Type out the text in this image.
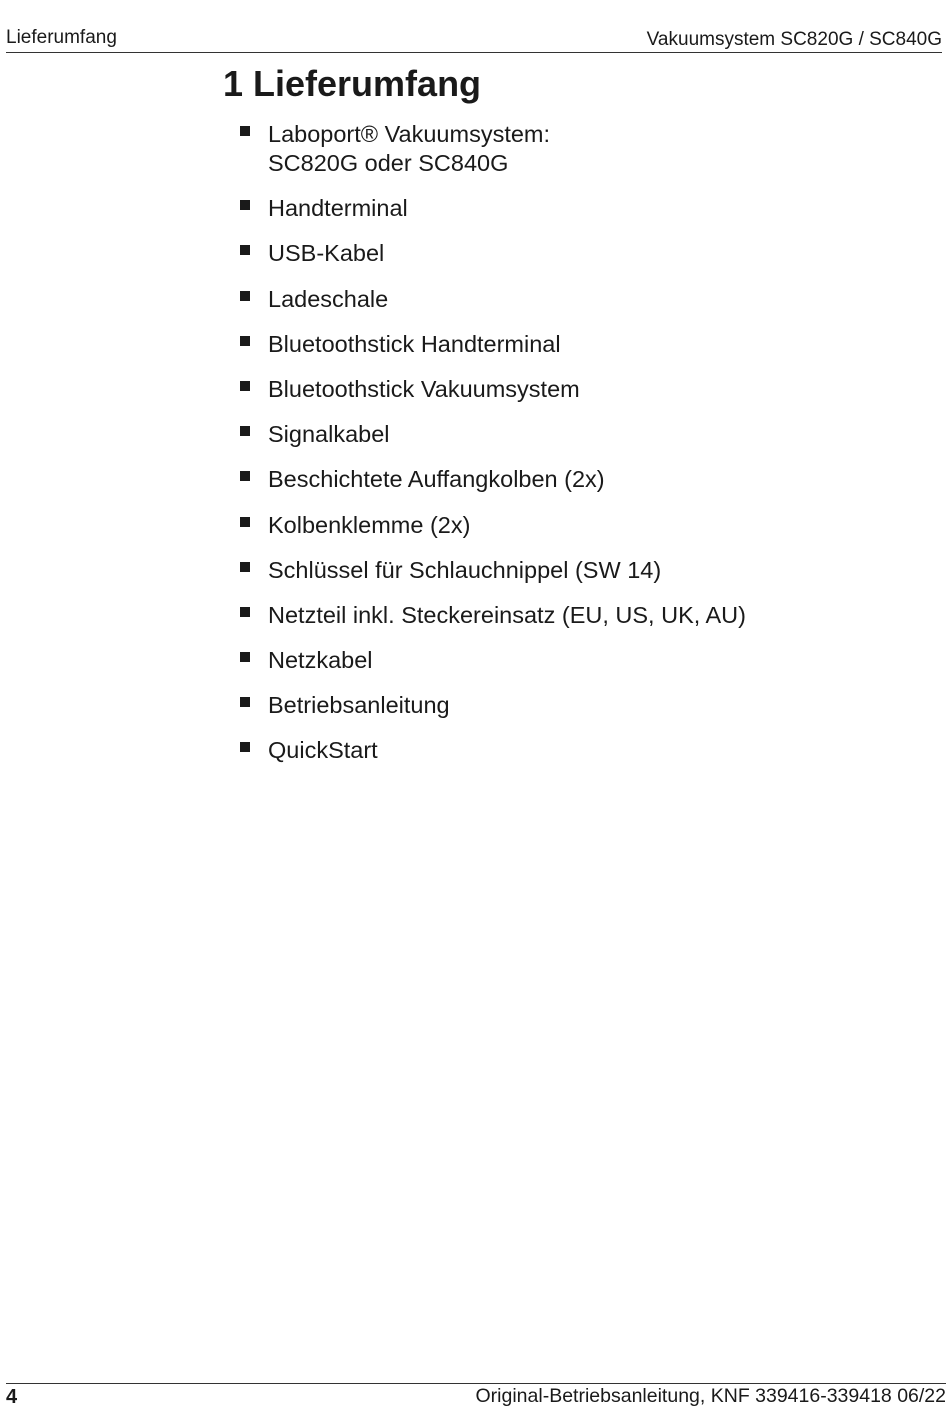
Lieferumfang	Vakuumsystem SC820G / SC840G
1 Lieferumfang
Laboport® Vakuumsystem:
SC820G oder SC840G
Handterminal
USB-Kabel
Ladeschale
Bluetoothstick Handterminal
Bluetoothstick Vakuumsystem
Signalkabel
Beschichtete Auffangkolben (2x)
Kolbenklemme (2x)
Schlüssel für Schlauchnippel (SW 14)
Netzteil inkl. Steckereinsatz (EU, US, UK, AU)
Netzkabel
Betriebsanleitung
QuickStart
4	Original-Betriebsanleitung, KNF 339416-339418 06/22
